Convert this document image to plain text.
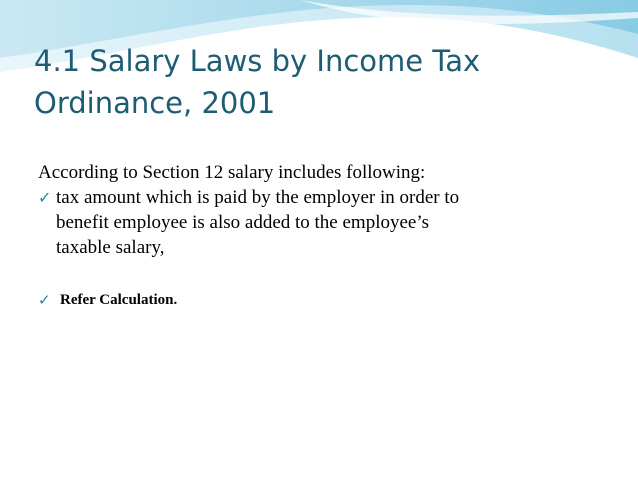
4.1 Salary Laws by Income Tax
Ordinance, 2001

According to Section 12 salary includes following:

✓ tax amount which is paid by the employer in order to
benefit employee is also added to the employee’s
taxable salary,
✓ Refer Calculation.
